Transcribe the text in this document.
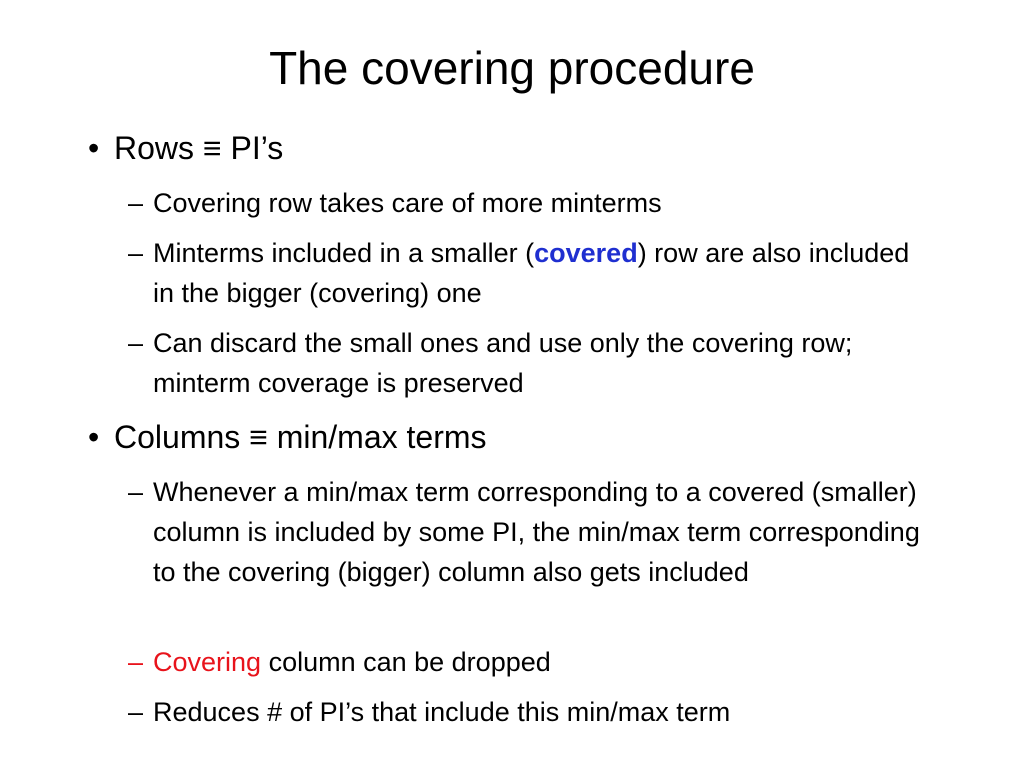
The covering procedure
• Rows ≡ PI’s
– Covering row takes care of more minterms
– Minterms included in a smaller (covered) row are also included in the bigger (covering) one
– Can discard the small ones and use only the covering row; minterm coverage is preserved
• Columns ≡ min/max terms
– Whenever a min/max term corresponding to a covered (smaller) column is included by some PI, the min/max term corresponding to the covering (bigger) column also gets included
– Covering column can be dropped
– Reduces # of PI’s that include this min/max term
